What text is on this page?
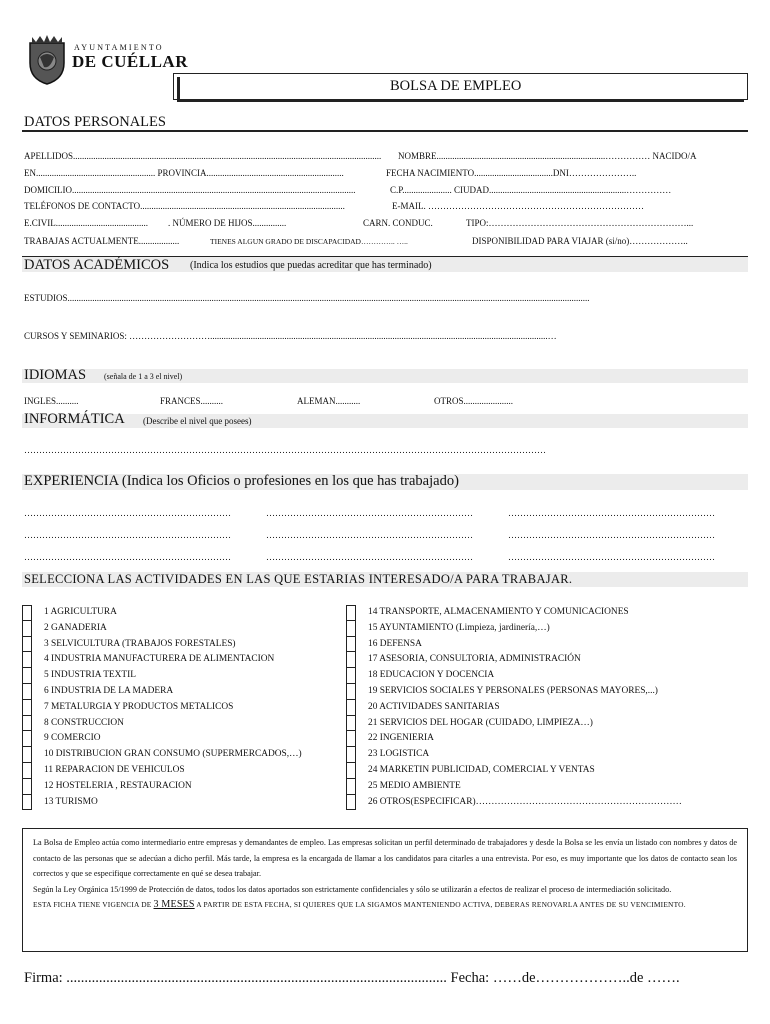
AYUNTAMIENTO
DE CUÉLLAR
BOLSA DE EMPLEO
DATOS PERSONALES
APELLIDOS......................................................................................................................................... NOMBRE...........................................................................…………… NACIDO/A
EN..................................................... PROVINCIA.............................................................	FECHA NACIMIENTO...................................DNI…………………..
DOMICILIO..............................................................................................................................	C.P...................... CIUDAD.............................................................……………
TELÉFONOS DE CONTACTO...........................................................................................	E-MAIL. ………………………………………………………………
E.CIVIL......................................... . NÚMERO DE HIJOS...............	CARN. CONDUC.	TIPO:…………………………………………………………...
TRABAJAS ACTUALMENTE..................	TIENES ALGUN GRADO DE DISCAPACIDAD………….. …..	DISPONIBILIDAD PARA VIAJAR (si/no)………………..
DATOS ACADÉMICOS (Indica los estudios que puedas acreditar que has terminado)
ESTUDIOS........................................................................................................................................................................................................................................
CURSOS Y SEMINARIOS: ………………………......................................................................................................................................................…
IDIOMAS (señala de 1 a 3 el nivel)
INGLES..........	FRANCES..........	ALEMAN...........	OTROS......................
INFORMÁTICA (Describe el nivel que posees)
…………………………………………………………………………………………………………………………………………………………
EXPERIENCIA (Indica los Oficios o profesiones en los que has trabajado)
……………………………………………………………	……………………………………………………………	……………………………………………………………
……………………………………………………………	……………………………………………………………	……………………………………………………………
……………………………………………………………	……………………………………………………………	……………………………………………………………
SELECCIONA LAS ACTIVIDADES EN LAS QUE ESTARIAS INTERESADO/A PARA TRABAJAR.
1 AGRICULTURA
2 GANADERIA
3 SELVICULTURA (TRABAJOS FORESTALES)
4 INDUSTRIA MANUFACTURERA DE ALIMENTACION
5 INDUSTRIA TEXTIL
6 INDUSTRIA DE LA MADERA
7 METALURGIA Y PRODUCTOS METALICOS
8 CONSTRUCCION
9 COMERCIO
10 DISTRIBUCION GRAN CONSUMO (SUPERMERCADOS,…)
11 REPARACION DE VEHICULOS
12 HOSTELERIA , RESTAURACION
13 TURISMO
14 TRANSPORTE, ALMACENAMIENTO Y COMUNICACIONES
15 AYUNTAMIENTO (Limpieza, jardinería,…)
16 DEFENSA
17 ASESORIA, CONSULTORIA, ADMINISTRACIÓN
18 EDUCACION Y DOCENCIA
19 SERVICIOS SOCIALES Y PERSONALES (PERSONAS MAYORES,...)
20 ACTIVIDADES SANITARIAS
21 SERVICIOS DEL HOGAR (CUIDADO, LIMPIEZA…)
22 INGENIERIA
23 LOGISTICA
24 MARKETIN PUBLICIDAD, COMERCIAL Y VENTAS
25 MEDIO AMBIENTE
26 OTROS(ESPECIFICAR)…………………………………………………………
La Bolsa de Empleo actúa como intermediario entre empresas y demandantes de empleo. Las empresas solicitan un perfil determinado de trabajadores y desde la Bolsa se les envía un listado con nombres y datos de contacto de las personas que se adecúan a dicho perfil. Más tarde, la empresa es la encargada de llamar a los candidatos para citarles a una entrevista. Por eso, es muy importante que los datos de contacto sean los correctos y que se especifique correctamente en qué se desea trabajar.
Según la Ley Orgánica 15/1999 de Protección de datos, todos los datos aportados son estrictamente confidenciales y sólo se utilizarán a efectos de realizar el proceso de intermediación solicitado.
ESTA FICHA TIENE VIGENCIA DE 3 MESES A PARTIR DE ESTA FECHA, SI QUIERES QUE LA SIGAMOS MANTENIENDO ACTIVA, DEBERAS RENOVARLA ANTES DE SU VENCIMIENTO.
Firma: ......................................................................................................... Fecha: ……de………………..de …….
